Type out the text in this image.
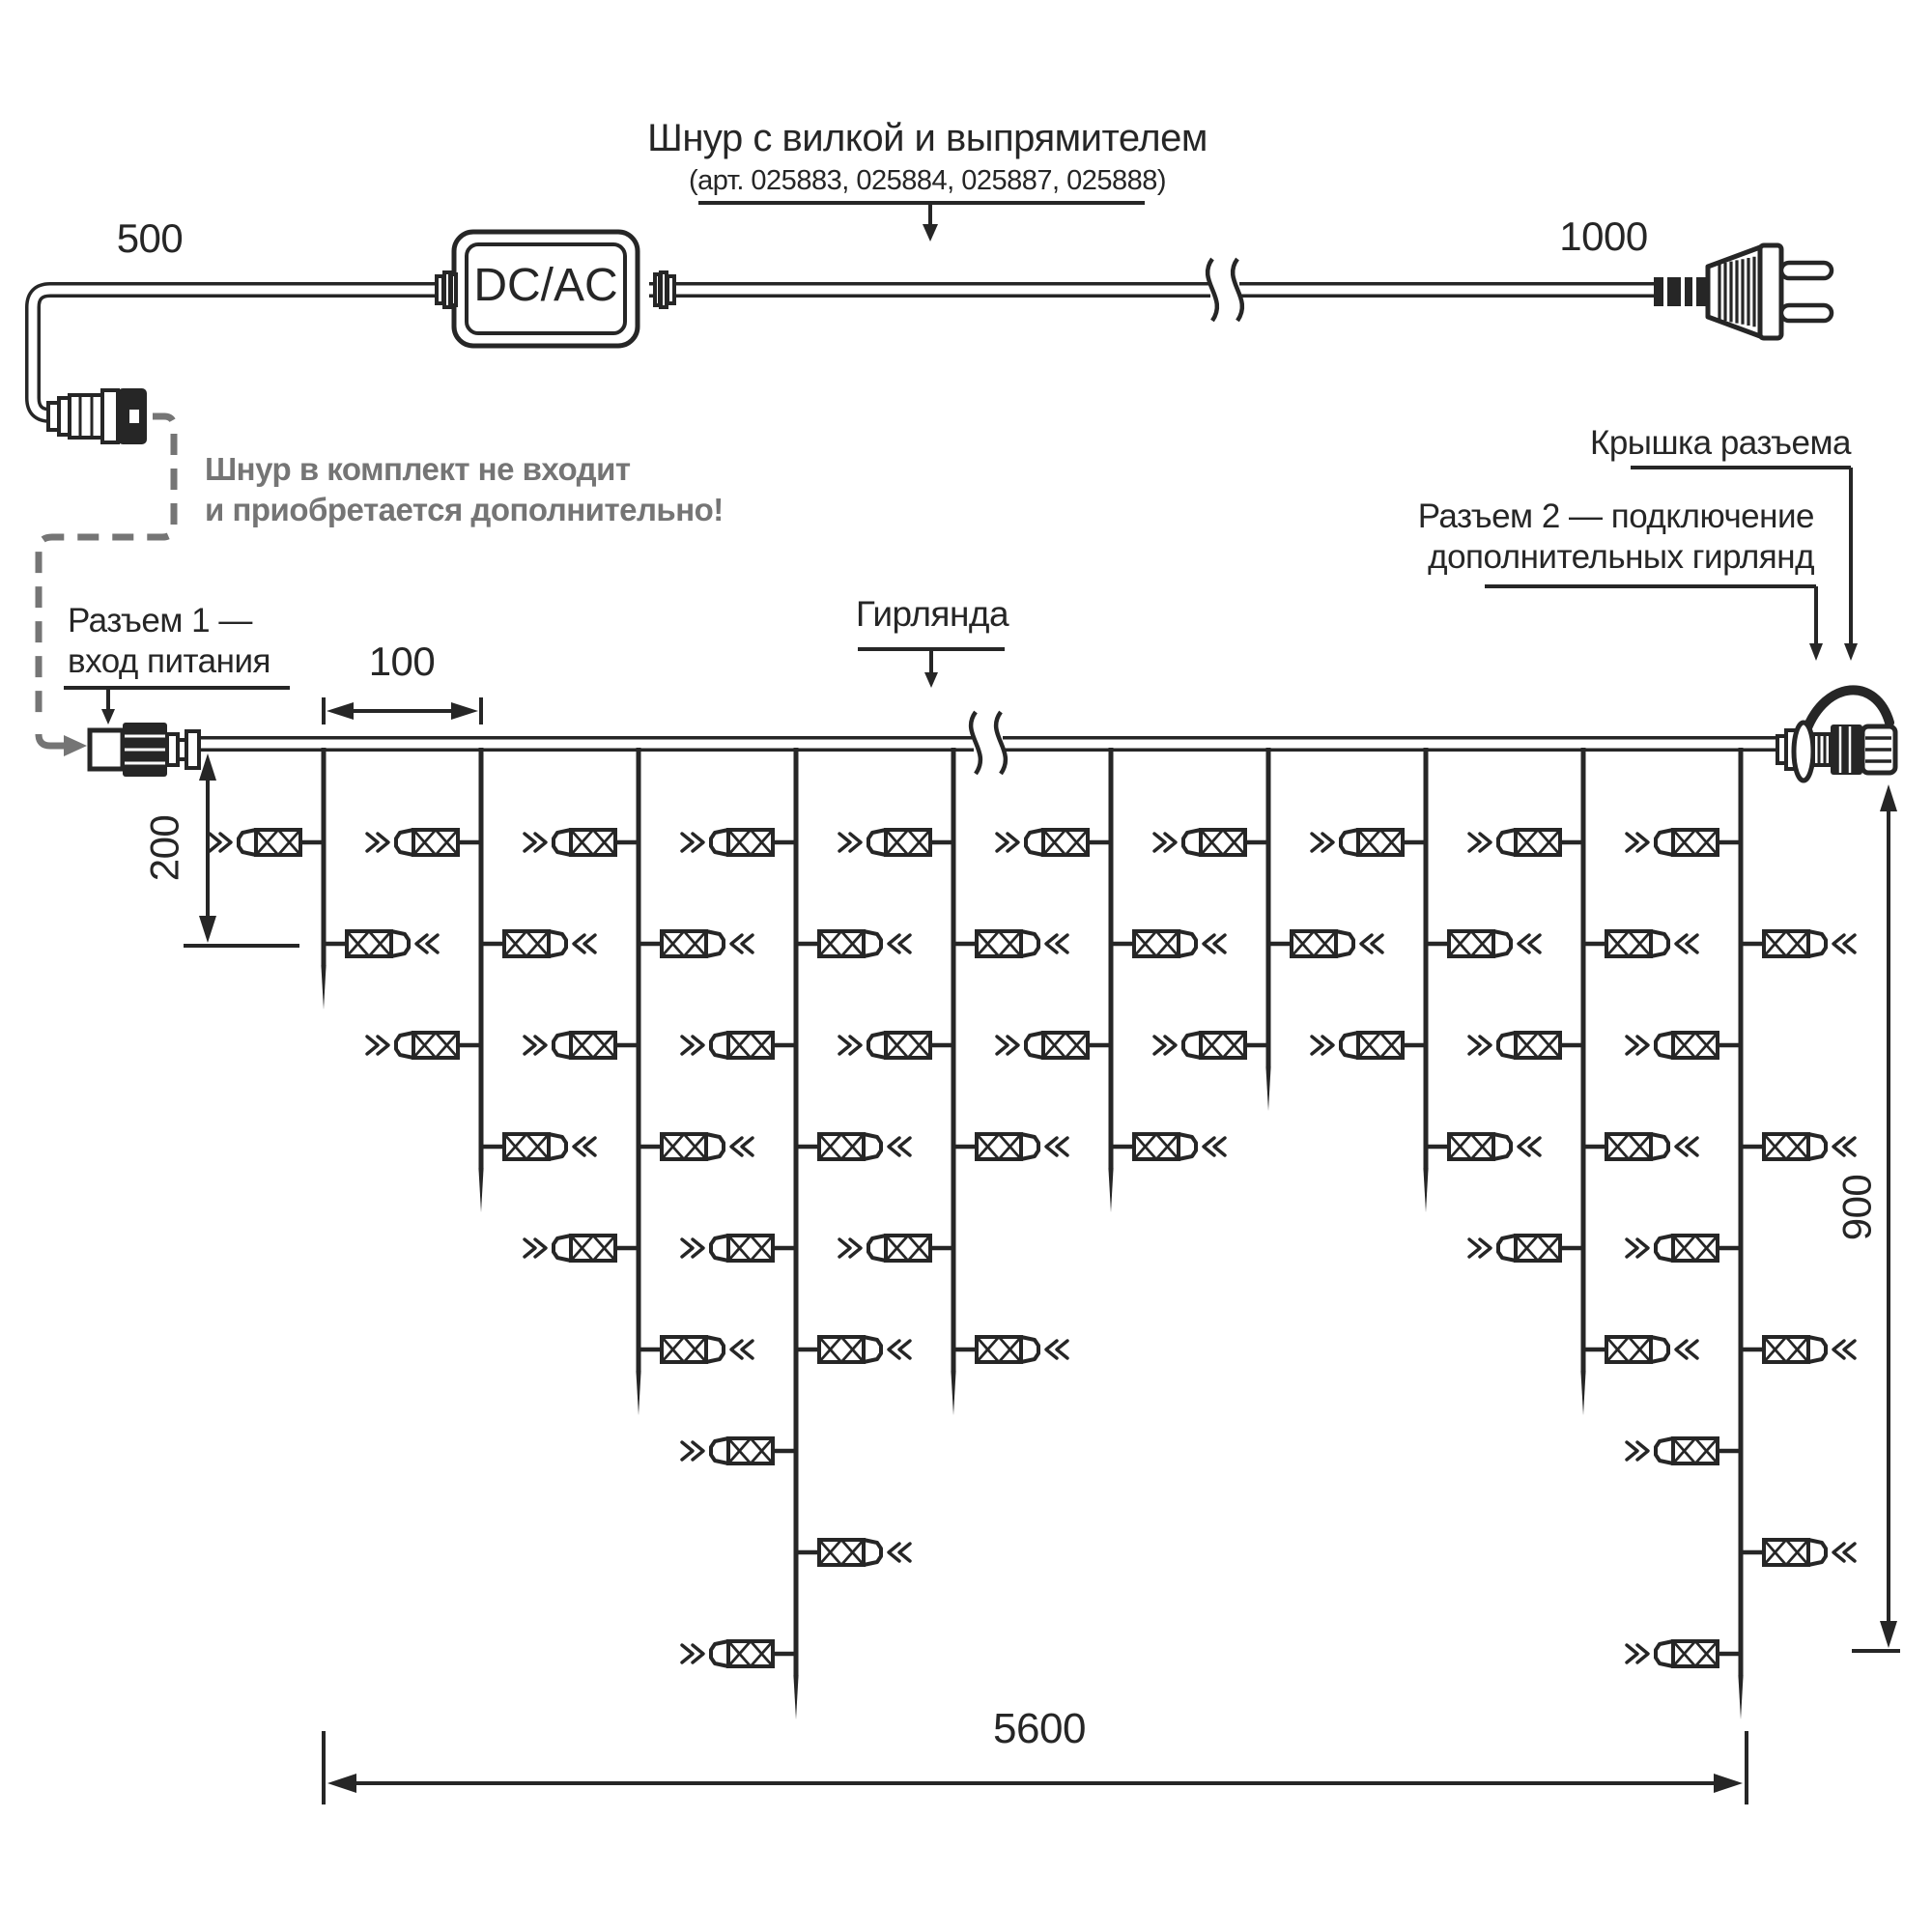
Шнур с вилкой и выпрямителем
(арт. 025883, 025884, 025887, 025888)
500	1000
Шнур в комплект не входит
и приобретается дополнительно!
Разъем 1 —
вход питания
Гирлянда
Крышка разъема
Разъем 2 — подключение
дополнительных гирлянд
100
200
900
5600
DC/AC
